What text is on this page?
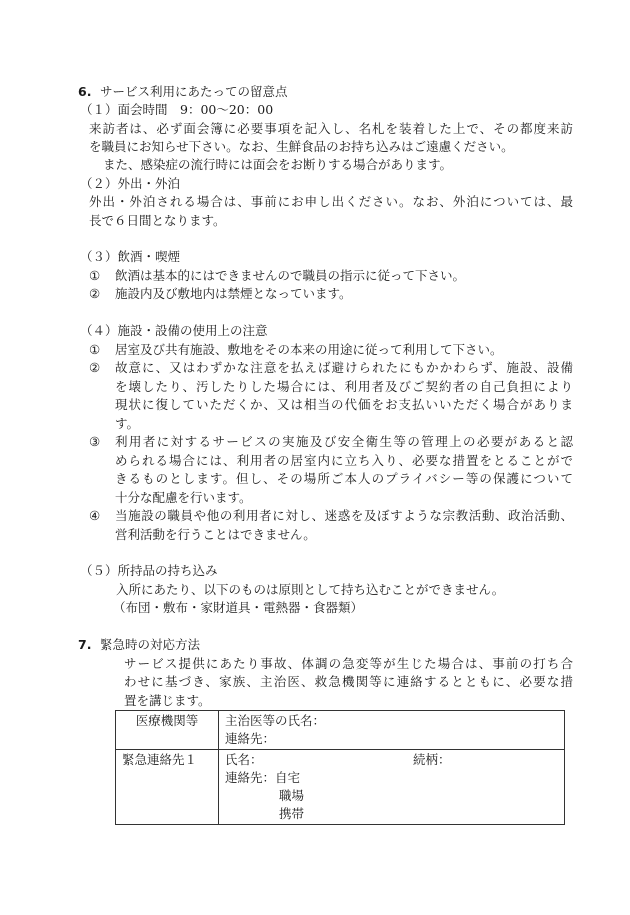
6. サービス利用にあたっての留意点
（１）面会時間　9：00〜20：00
来訪者は、必ず面会簿に必要事項を記入し、名札を装着した上で、その都度来訪
を職員にお知らせ下さい。なお、生鮮食品のお持ち込みはご遠慮ください。
また、感染症の流行時には面会をお断りする場合があります。
（２）外出・外泊
外出・外泊される場合は、事前にお申し出ください。なお、外泊については、最
長で６日間となります。
（３）飲酒・喫煙
① 飲酒は基本的にはできませんので職員の指示に従って下さい。
② 施設内及び敷地内は禁煙となっています。
（４）施設・設備の使用上の注意
① 居室及び共有施設、敷地をその本来の用途に従って利用して下さい。
② 故意に、又はわずかな注意を払えば避けられたにもかかわらず、施設、設備
を壊したり、汚したりした場合には、利用者及びご契約者の自己負担により
現状に復していただくか、又は相当の代価をお支払いいただく場合がありま
す。
③ 利用者に対するサービスの実施及び安全衛生等の管理上の必要があると認
められる場合には、利用者の居室内に立ち入り、必要な措置をとることがで
きるものとします。但し、その場所ご本人のプライバシー等の保護について
十分な配慮を行います。
④ 当施設の職員や他の利用者に対し、迷惑を及ぼすような宗教活動、政治活動、
営利活動を行うことはできません。
（５）所持品の持ち込み
入所にあたり、以下のものは原則として持ち込むことができません。
（布団・敷布・家財道具・電熱器・食器類）
7. 緊急時の対応方法
サービス提供にあたり事故、体調の急変等が生じた場合は、事前の打ち合
わせに基づき、家族、主治医、救急機関等に連絡するとともに、必要な措
置を講じます。
医療機関等	主治医等の氏名：
連絡先：

緊急連絡先１	氏名： 続柄：
連絡先：自宅
職場
携帯
